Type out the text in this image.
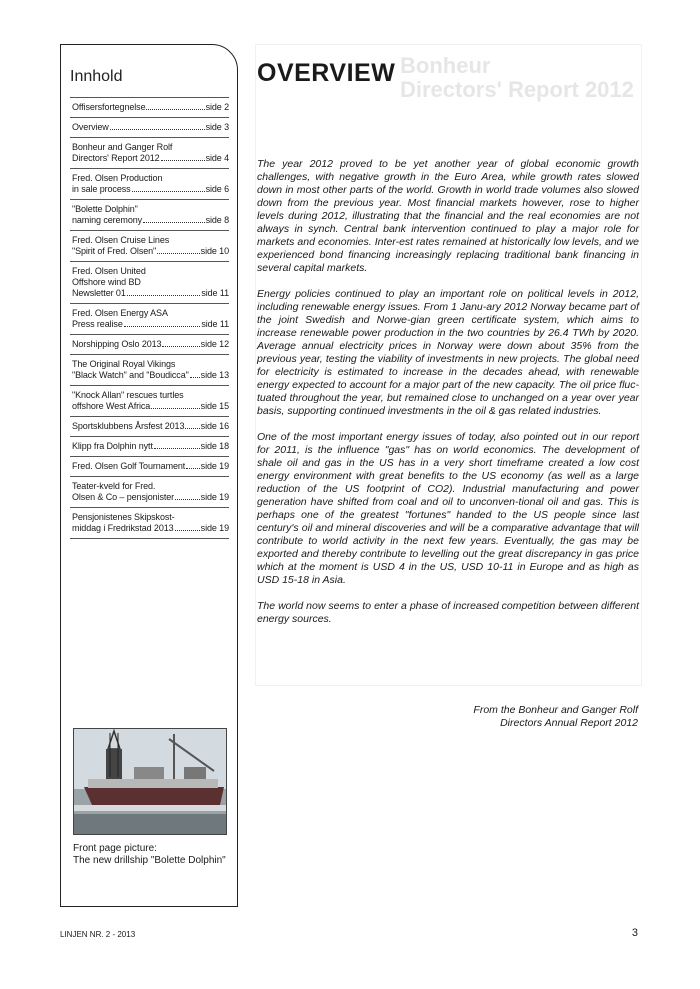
Bonheur
Directors' Report 2012
Innhold
Offisersfortegnelse	side 2
Overview	side 3
Bonheur and Ganger Rolf
Directors' Report 2012	side 4
Fred. Olsen Production
in sale process	side 6
"Bolette Dolphin"
naming ceremony	side 8
Fred. Olsen Cruise Lines
"Spirit of Fred. Olsen"	side 10
Fred. Olsen United
Offshore wind BD
Newsletter 01	side 11
Fred. Olsen Energy ASA
Press realise	side 11
Norshipping Oslo 2013	side 12
The Original Royal Vikings
"Black Watch" and "Boudicca" side 13
"Knock Allan" rescues turtles
offshore West Africa	side 15
Sportsklubbens Årsfest 2013 side 16
Klipp fra Dolphin nytt	side 18
Fred. Olsen Golf Tournament side 19
Teater-kveld for Fred.
Olsen & Co – pensjonister	side 19
Pensjonistenes Skipskost-
middag i Fredrikstad 2013	side 19
Front page picture:
The new drillship "Bolette Dolphin"
OVERVIEW

The year 2012 proved to be yet another year of global economic growth challenges, with negative growth in the Euro Area, while growth rates slowed down in most other parts of the world. Growth in world trade volumes also slowed down from the previous year. Most financial markets however, rose to higher levels during 2012, illustrating that the financial and the real economies are not always in synch. Central bank intervention continued to play a major role for markets and economies. Inter-est rates remained at historically low levels, and we experienced bond financing increasingly replacing traditional bank financing in several capital markets.

Energy policies continued to play an important role on political levels in 2012, including renewable energy issues. From 1 Janu-ary 2012 Norway became part of the joint Swedish and Norwe-gian green certificate system, which aims to increase renewable power production in the two countries by 26.4 TWh by 2020. Average annual electricity prices in Norway were down about 35% from the previous year, testing the viability of investments in new projects. The global need for electricity is estimated to increase in the decades ahead, with renewable energy expected to account for a major part of the new capacity. The oil price fluc-tuated throughout the year, but remained close to unchanged on a year over year basis, supporting continued investments in the oil & gas related industries.

One of the most important energy issues of today, also pointed out in our report for 2011, is the influence "gas" has on world economics. The development of shale oil and gas in the US has in a very short timeframe created a low cost energy environment with great benefits to the US economy (as well as a large reduction of the US footprint of CO2). Industrial manufacturing and power generation have shifted from coal and oil to unconven-tional oil and gas. This is perhaps one of the greatest "fortunes" handed to the US people since last century's oil and mineral discoveries and will be a comparative advantage that will contribute to world activity in the next few years. Eventually, the gas may be exported and thereby contribute to levelling out the great discrepancy in gas price which at the moment is USD 4 in the US, USD 10-11 in Europe and as high as USD 15-18 in Asia.

The world now seems to enter a phase of increased competition between different energy sources.

From the Bonheur and Ganger Rolf
Directors Annual Report 2012
LINJEN NR. 2 - 2013	3
